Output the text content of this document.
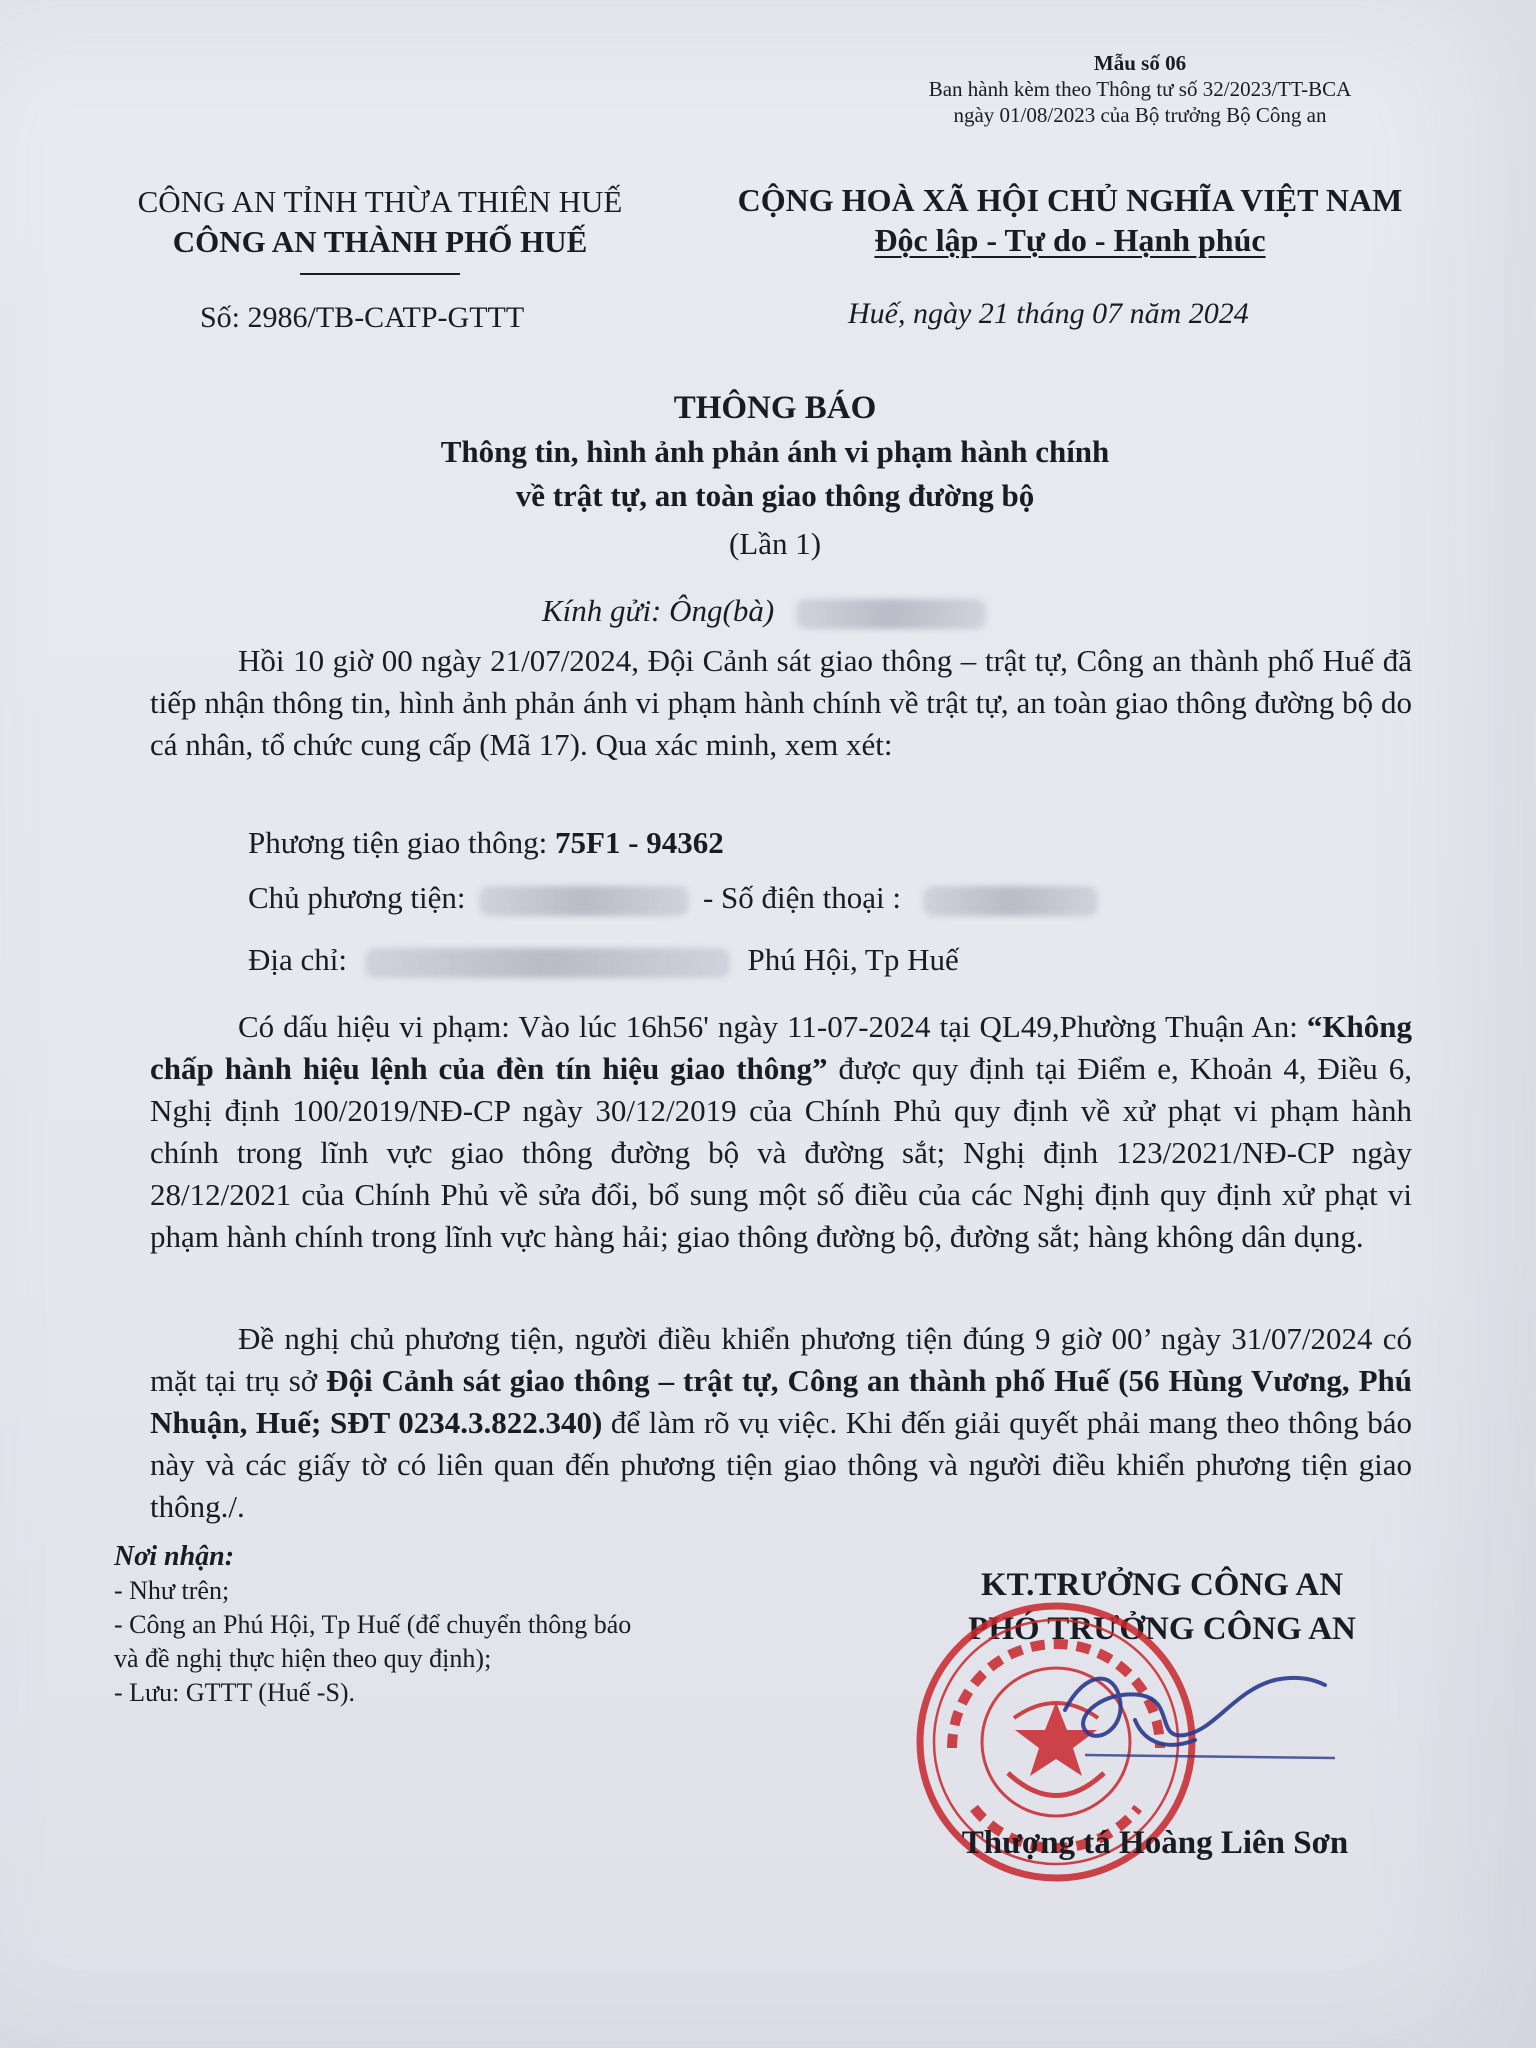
Mẫu số 06
Ban hành kèm theo Thông tư số 32/2023/TT-BCA
ngày 01/08/2023 của Bộ trưởng Bộ Công an
CÔNG AN TỈNH THỪA THIÊN HUẾ
CÔNG AN THÀNH PHỐ HUẾ
CỘNG HOÀ XÃ HỘI CHỦ NGHĨA VIỆT NAM
Độc lập - Tự do - Hạnh phúc
Số: 2986/TB-CATP-GTTT	Huế, ngày 21 tháng 07 năm 2024
THÔNG BÁO
Thông tin, hình ảnh phản ánh vi phạm hành chính
về trật tự, an toàn giao thông đường bộ
(Lần 1)
Kính gửi: Ông(bà)
Hồi 10 giờ 00 ngày 21/07/2024, Đội Cảnh sát giao thông – trật tự, Công an thành phố Huế đã tiếp nhận thông tin, hình ảnh phản ánh vi phạm hành chính về trật tự, an toàn giao thông đường bộ do cá nhân, tổ chức cung cấp (Mã 17). Qua xác minh, xem xét:
Phương tiện giao thông: 75F1 - 94362
Chủ phương tiện:	- Số điện thoại :
Địa chỉ:	Phú Hội, Tp Huế
Có dấu hiệu vi phạm: Vào lúc 16h56' ngày 11-07-2024 tại QL49,Phường Thuận An: “Không chấp hành hiệu lệnh của đèn tín hiệu giao thông” được quy định tại Điểm e, Khoản 4, Điều 6, Nghị định 100/2019/NĐ-CP ngày 30/12/2019 của Chính Phủ quy định về xử phạt vi phạm hành chính trong lĩnh vực giao thông đường bộ và đường sắt; Nghị định 123/2021/NĐ-CP ngày 28/12/2021 của Chính Phủ về sửa đổi, bổ sung một số điều của các Nghị định quy định xử phạt vi phạm hành chính trong lĩnh vực hàng hải; giao thông đường bộ, đường sắt; hàng không dân dụng.
Đề nghị chủ phương tiện, người điều khiển phương tiện đúng 9 giờ 00’ ngày 31/07/2024 có mặt tại trụ sở Đội Cảnh sát giao thông – trật tự, Công an thành phố Huế (56 Hùng Vương, Phú Nhuận, Huế; SĐT 0234.3.822.340) để làm rõ vụ việc. Khi đến giải quyết phải mang theo thông báo này và các giấy tờ có liên quan đến phương tiện giao thông và người điều khiển phương tiện giao thông./.
Nơi nhận:
- Như trên;
- Công an Phú Hội, Tp Huế (để chuyển thông báo
và đề nghị thực hiện theo quy định);
- Lưu: GTTT (Huế -S).
KT.TRƯỞNG CÔNG AN
PHÓ TRƯỞNG CÔNG AN
Thượng tá Hoàng Liên Sơn
